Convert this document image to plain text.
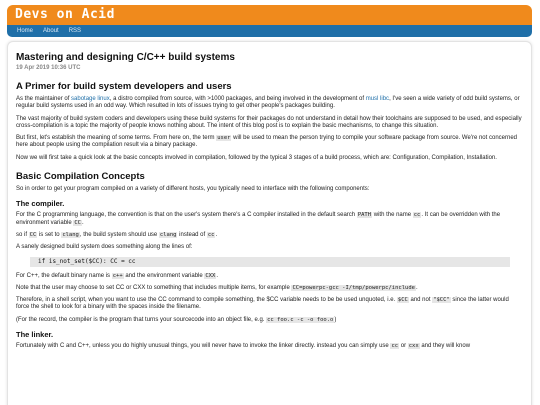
Devs on Acid
Home About RSS
Mastering and designing C/C++ build systems
19 Apr 2019 10:36 UTC
A Primer for build system developers and users

As the maintainer of sabotage linux, a distro compiled from source, with >1000 packages, and being involved in the development of musl libc, I've seen a wide variety of odd build systems, or regular build systems used in an odd way. Which resulted in lots of issues trying to get other people's packages building.

The vast majority of build system coders and developers using these build systems for their packages do not understand in detail how their toolchains are supposed to be used, and especially cross-compilation is a topic the majority of people knows nothing about. The intent of this blog post is to explain the basic mechanisms, to change this situation.

But first, let's establish the meaning of some terms. From here on, the term user will be used to mean the person trying to compile your software package from source. We're not concerned here about people using the compilation result via a binary package.

Now we will first take a quick look at the basic concepts involved in compilation, followed by the typical 3 stages of a build process, which are: Configuration, Compilation, Installation.

Basic Compilation Concepts

So in order to get your program compiled on a variety of different hosts, you typically need to interface with the following components:

The compiler.

For the C programming language, the convention is that on the user's system there's a C compiler installed in the default search PATH with the name cc. It can be overridden with the environment variable CC.

so if CC is set to clang, the build system should use clang instead of cc.

A sanely designed build system does something along the lines of:

if is_not_set($CC): CC = cc

For C++, the default binary name is c++ and the environment variable CXX.

Note that the user may choose to set CC or CXX to something that includes multiple items, for example CC=powerpc-gcc -I/tmp/powerpc/include.

Therefore, in a shell script, when you want to use the CC command to compile something, the $CC variable needs to be be used unquoted, i.e. $CC and not "$CC" since the latter would force the shell to look for a binary with the spaces inside the filename.

(For the record, the compiler is the program that turns your sourcecode into an object file, e.g. cc foo.c -c -o foo.o)

The linker.

Fortunately with C and C++, unless you do highly unusual things, you will never have to invoke the linker directly. instead you can simply use cc or cxx and they will know
